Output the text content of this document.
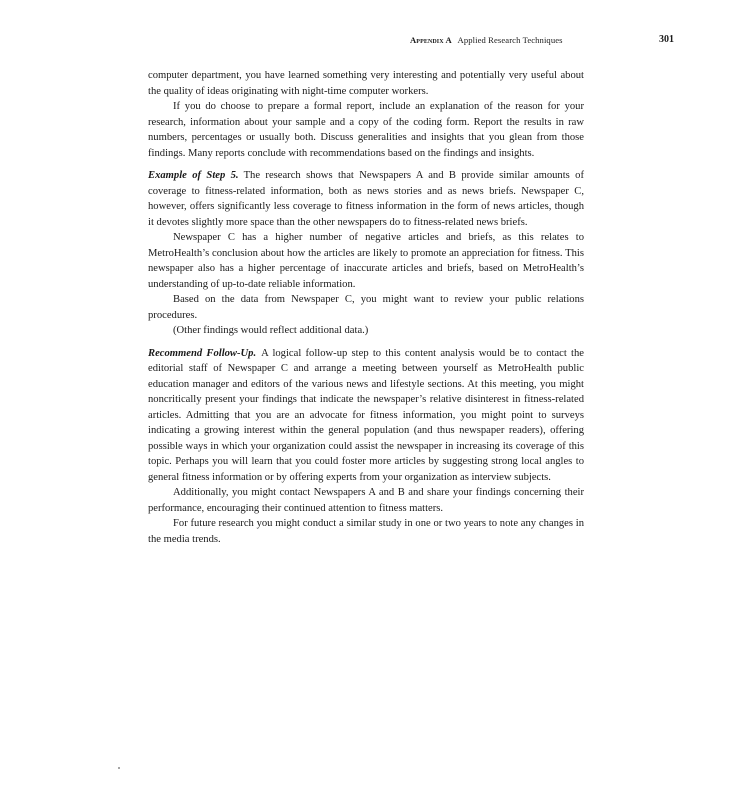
Appendix A Applied Research Techniques	301

computer department, you have learned something very interesting and potentially very useful about the quality of ideas originating with night-time computer workers.

If you do choose to prepare a formal report, include an explanation of the reason for your research, information about your sample and a copy of the coding form. Report the results in raw numbers, percentages or usually both. Discuss generalities and insights that you glean from those findings. Many reports conclude with recommendations based on the findings and insights.

Example of Step 5. The research shows that Newspapers A and B provide similar amounts of coverage to fitness-related information, both as news stories and as news briefs. Newspaper C, however, offers significantly less coverage to fitness information in the form of news articles, though it devotes slightly more space than the other newspapers do to fitness-related news briefs.

Newspaper C has a higher number of negative articles and briefs, as this relates to MetroHealth’s conclusion about how the articles are likely to promote an appreciation for fitness. This newspaper also has a higher percentage of inaccurate articles and briefs, based on MetroHealth’s understanding of up-to-date reliable information.

Based on the data from Newspaper C, you might want to review your public relations procedures.

(Other findings would reflect additional data.)

Recommend Follow-Up. A logical follow-up step to this content analysis would be to contact the editorial staff of Newspaper C and arrange a meeting between yourself as MetroHealth public education manager and editors of the various news and lifestyle sections. At this meeting, you might noncritically present your findings that indicate the newspaper’s relative disinterest in fitness-related articles. Admitting that you are an advocate for fitness information, you might point to surveys indicating a growing interest within the general population (and thus newspaper readers), offering possible ways in which your organization could assist the newspaper in increasing its coverage of this topic. Perhaps you will learn that you could foster more articles by suggesting strong local angles to general fitness information or by offering experts from your organization as interview subjects.

Additionally, you might contact Newspapers A and B and share your findings concerning their performance, encouraging their continued attention to fitness matters.

For future research you might conduct a similar study in one or two years to note any changes in the media trends.
